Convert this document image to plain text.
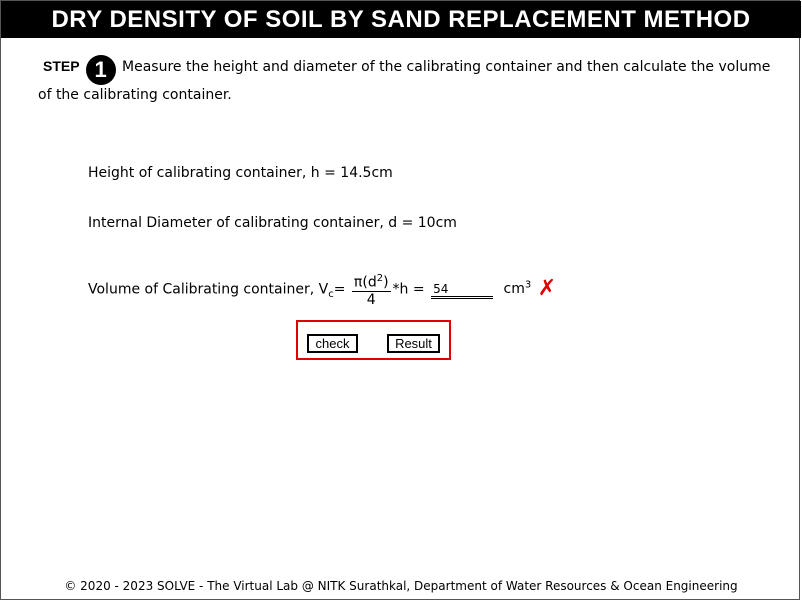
DRY DENSITY OF SOIL BY SAND REPLACEMENT METHOD
STEP 1 Measure the height and diameter of the calibrating container and then calculate the volume of the calibrating container.
Height of calibrating container, h = 14.5cm
Internal Diameter of calibrating container, d = 10cm
Volume of Calibrating container, $V_c= \frac{\pi(d^2)}{4} *h = 54$	$cm^3$ ✗
check	Result
© 2020 - 2023 SOLVE - The Virtual Lab @ NITK Surathkal, Department of Water Resources & Ocean Engineering
